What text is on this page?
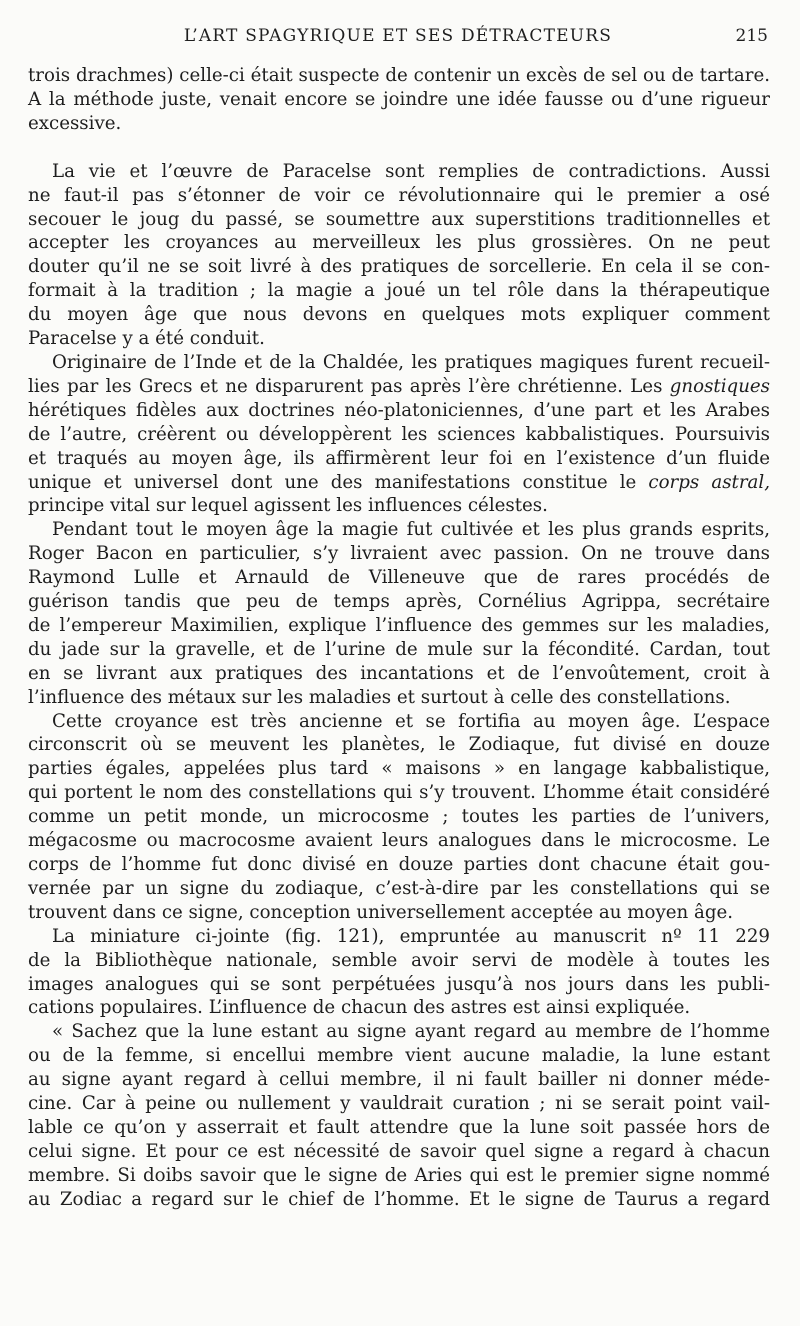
L’ART SPAGYRIQUE ET SES DÉTRACTEURS	215

trois drachmes) celle-ci était suspecte de contenir un excès de sel ou de tartare.
A la méthode juste, venait encore se joindre une idée fausse ou d’une rigueur
excessive.

La vie et l’œuvre de Paracelse sont remplies de contradictions. Aussi
ne faut-il pas s’étonner de voir ce révolutionnaire qui le premier a osé
secouer le joug du passé, se soumettre aux superstitions traditionnelles et
accepter les croyances au merveilleux les plus grossières. On ne peut
douter qu’il ne se soit livré à des pratiques de sorcellerie. En cela il se con-
formait à la tradition ; la magie a joué un tel rôle dans la thérapeutique
du moyen âge que nous devons en quelques mots expliquer comment
Paracelse y a été conduit.

Originaire de l’Inde et de la Chaldée, les pratiques magiques furent recueil-
lies par les Grecs et ne disparurent pas après l’ère chrétienne. Les gnostiques
hérétiques fidèles aux doctrines néo-platoniciennes, d’une part et les Arabes
de l’autre, créèrent ou développèrent les sciences kabbalistiques. Poursuivis
et traqués au moyen âge, ils affirmèrent leur foi en l’existence d’un fluide
unique et universel dont une des manifestations constitue le corps astral,
principe vital sur lequel agissent les influences célestes.

Pendant tout le moyen âge la magie fut cultivée et les plus grands esprits,
Roger Bacon en particulier, s’y livraient avec passion. On ne trouve dans
Raymond Lulle et Arnauld de Villeneuve que de rares procédés de
guérison tandis que peu de temps après, Cornélius Agrippa, secrétaire
de l’empereur Maximilien, explique l’influence des gemmes sur les maladies,
du jade sur la gravelle, et de l’urine de mule sur la fécondité. Cardan, tout
en se livrant aux pratiques des incantations et de l’envoûtement, croit à
l’influence des métaux sur les maladies et surtout à celle des constellations.

Cette croyance est très ancienne et se fortifia au moyen âge. L’espace
circonscrit où se meuvent les planètes, le Zodiaque, fut divisé en douze
parties égales, appelées plus tard « maisons » en langage kabbalistique,
qui portent le nom des constellations qui s’y trouvent. L’homme était considéré
comme un petit monde, un microcosme ; toutes les parties de l’univers,
mégacosme ou macrocosme avaient leurs analogues dans le microcosme. Le
corps de l’homme fut donc divisé en douze parties dont chacune était gou-
vernée par un signe du zodiaque, c’est-à-dire par les constellations qui se
trouvent dans ce signe, conception universellement acceptée au moyen âge.

La miniature ci-jointe (fig. 121), empruntée au manuscrit nº 11 229
de la Bibliothèque nationale, semble avoir servi de modèle à toutes les
images analogues qui se sont perpétuées jusqu’à nos jours dans les publi-
cations populaires. L’influence de chacun des astres est ainsi expliquée.

« Sachez que la lune estant au signe ayant regard au membre de l’homme
ou de la femme, si encellui membre vient aucune maladie, la lune estant
au signe ayant regard à cellui membre, il ni fault bailler ni donner méde-
cine. Car à peine ou nullement y vauldrait curation ; ni se serait point vail-
lable ce qu’on y asserrait et fault attendre que la lune soit passée hors de
celui signe. Et pour ce est nécessité de savoir quel signe a regard à chacun
membre. Si doibs savoir que le signe de Aries qui est le premier signe nommé
au Zodiac a regard sur le chief de l’homme. Et le signe de Taurus a regard
